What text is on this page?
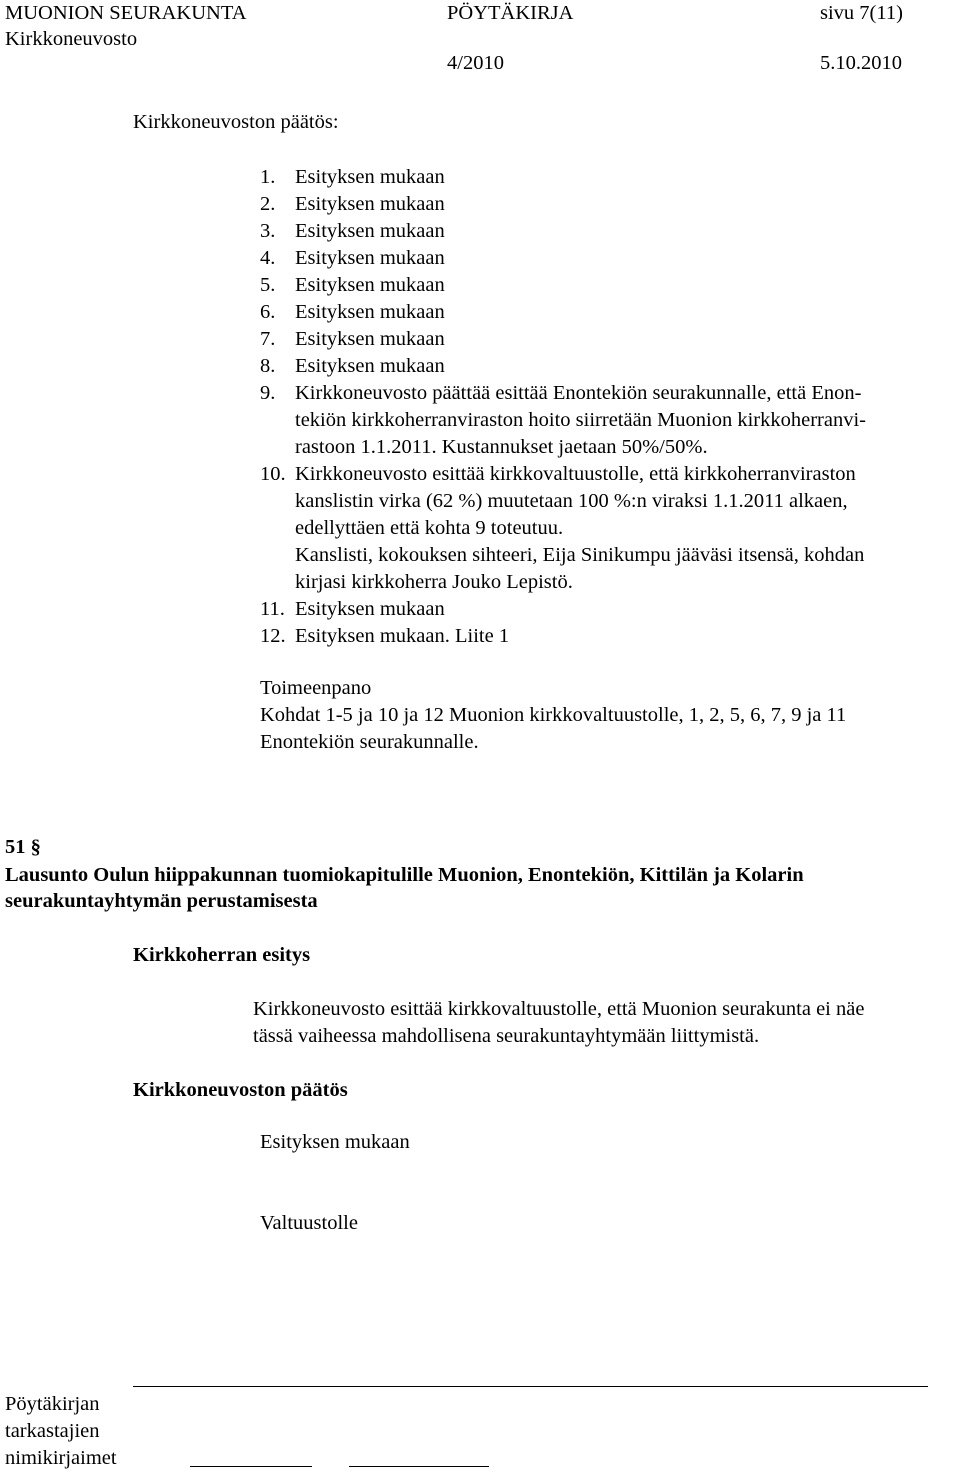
MUONION SEURAKUNTA	PÖYTÄKIRJA	sivu 7(11)
Kirkkoneuvosto
4/2010	5.10.2010
Kirkkoneuvoston päätös:
1. Esityksen mukaan
2. Esityksen mukaan
3. Esityksen mukaan
4. Esityksen mukaan
5. Esityksen mukaan
6. Esityksen mukaan
7. Esityksen mukaan
8. Esityksen mukaan
9. Kirkkoneuvosto päättää esittää Enontekiön seurakunnalle, että Enon-
tekiön kirkkoherranviraston hoito siirretään Muonion kirkkoherranvi-
rastoon 1.1.2011. Kustannukset jaetaan 50%/50%.
10. Kirkkoneuvosto esittää kirkkovaltuustolle, että kirkkoherranviraston
kanslistin virka (62 %) muutetaan 100 %:n viraksi 1.1.2011 alkaen,
edellyttäen että kohta 9 toteutuu.
Kanslisti, kokouksen sihteeri, Eija Sinikumpu jääväsi itsensä, kohdan
kirjasi kirkkoherra Jouko Lepistö.
11. Esityksen mukaan
12. Esityksen mukaan. Liite 1
Toimeenpano
Kohdat 1-5 ja 10 ja 12 Muonion kirkkovaltuustolle, 1, 2, 5, 6, 7, 9 ja 11
Enontekiön seurakunnalle.
51 §
Lausunto Oulun hiippakunnan tuomiokapitulille Muonion, Enontekiön, Kittilän ja Kolarin
seurakuntayhtymän perustamisesta
Kirkkoherran esitys
Kirkkoneuvosto esittää kirkkovaltuustolle, että Muonion seurakunta ei näe
tässä vaiheessa mahdollisena seurakuntayhtymään liittymistä.
Kirkkoneuvoston päätös
Esityksen mukaan
Valtuustolle
Pöytäkirjan
tarkastajien
nimikirjaimet
